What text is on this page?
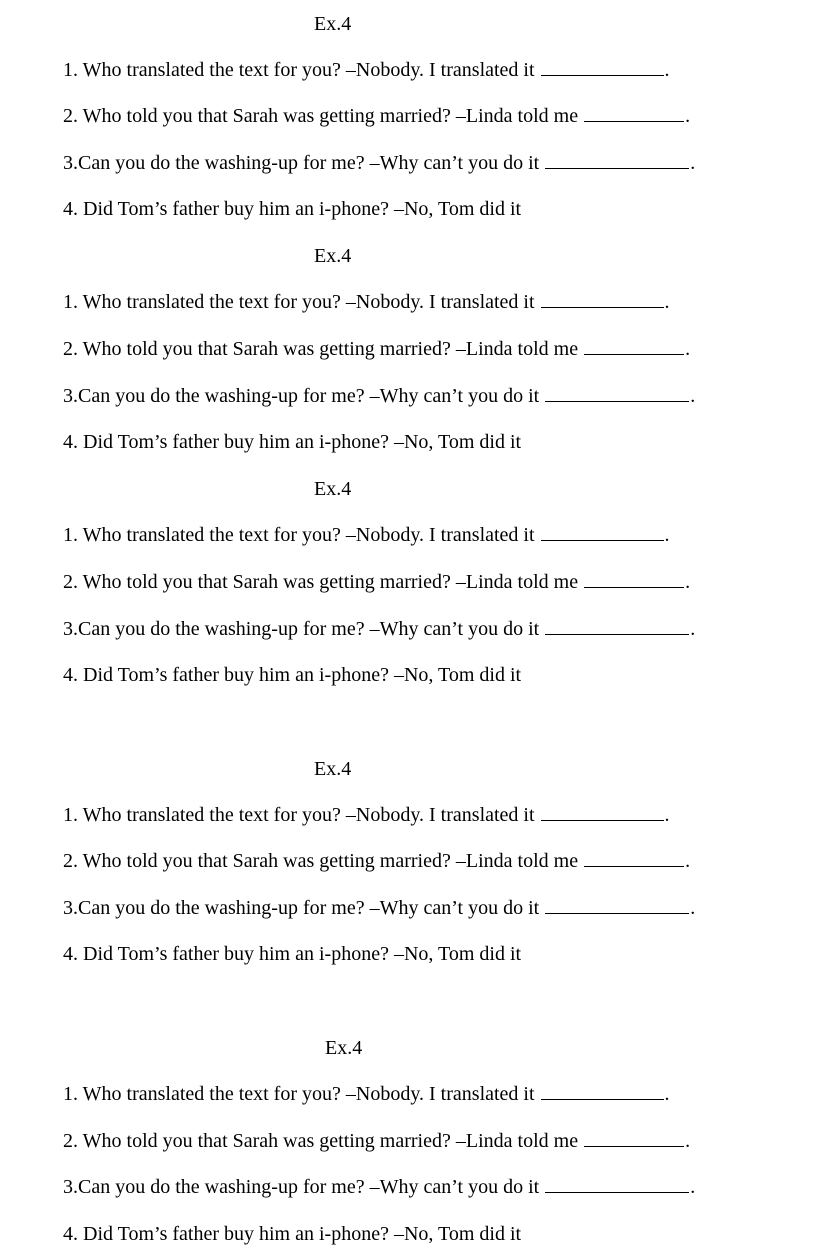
Ex.4
1. Who translated the text for you? –Nobody. I translated it	.
2. Who told you that Sarah was getting married? –Linda told me	.
3.Can you do the washing-up for me? –Why can’t you do it	.
4. Did Tom’s father buy him an i-phone? –No, Tom did it
Ex.4
1. Who translated the text for you? –Nobody. I translated it	.
2. Who told you that Sarah was getting married? –Linda told me	.
3.Can you do the washing-up for me? –Why can’t you do it	.
4. Did Tom’s father buy him an i-phone? –No, Tom did it
Ex.4
1. Who translated the text for you? –Nobody. I translated it	.
2. Who told you that Sarah was getting married? –Linda told me	.
3.Can you do the washing-up for me? –Why can’t you do it	.
4. Did Tom’s father buy him an i-phone? –No, Tom did it
Ex.4
1. Who translated the text for you? –Nobody. I translated it	.
2. Who told you that Sarah was getting married? –Linda told me	.
3.Can you do the washing-up for me? –Why can’t you do it	.
4. Did Tom’s father buy him an i-phone? –No, Tom did it
Ex.4
1. Who translated the text for you? –Nobody. I translated it	.
2. Who told you that Sarah was getting married? –Linda told me	.
3.Can you do the washing-up for me? –Why can’t you do it	.
4. Did Tom’s father buy him an i-phone? –No, Tom did it
